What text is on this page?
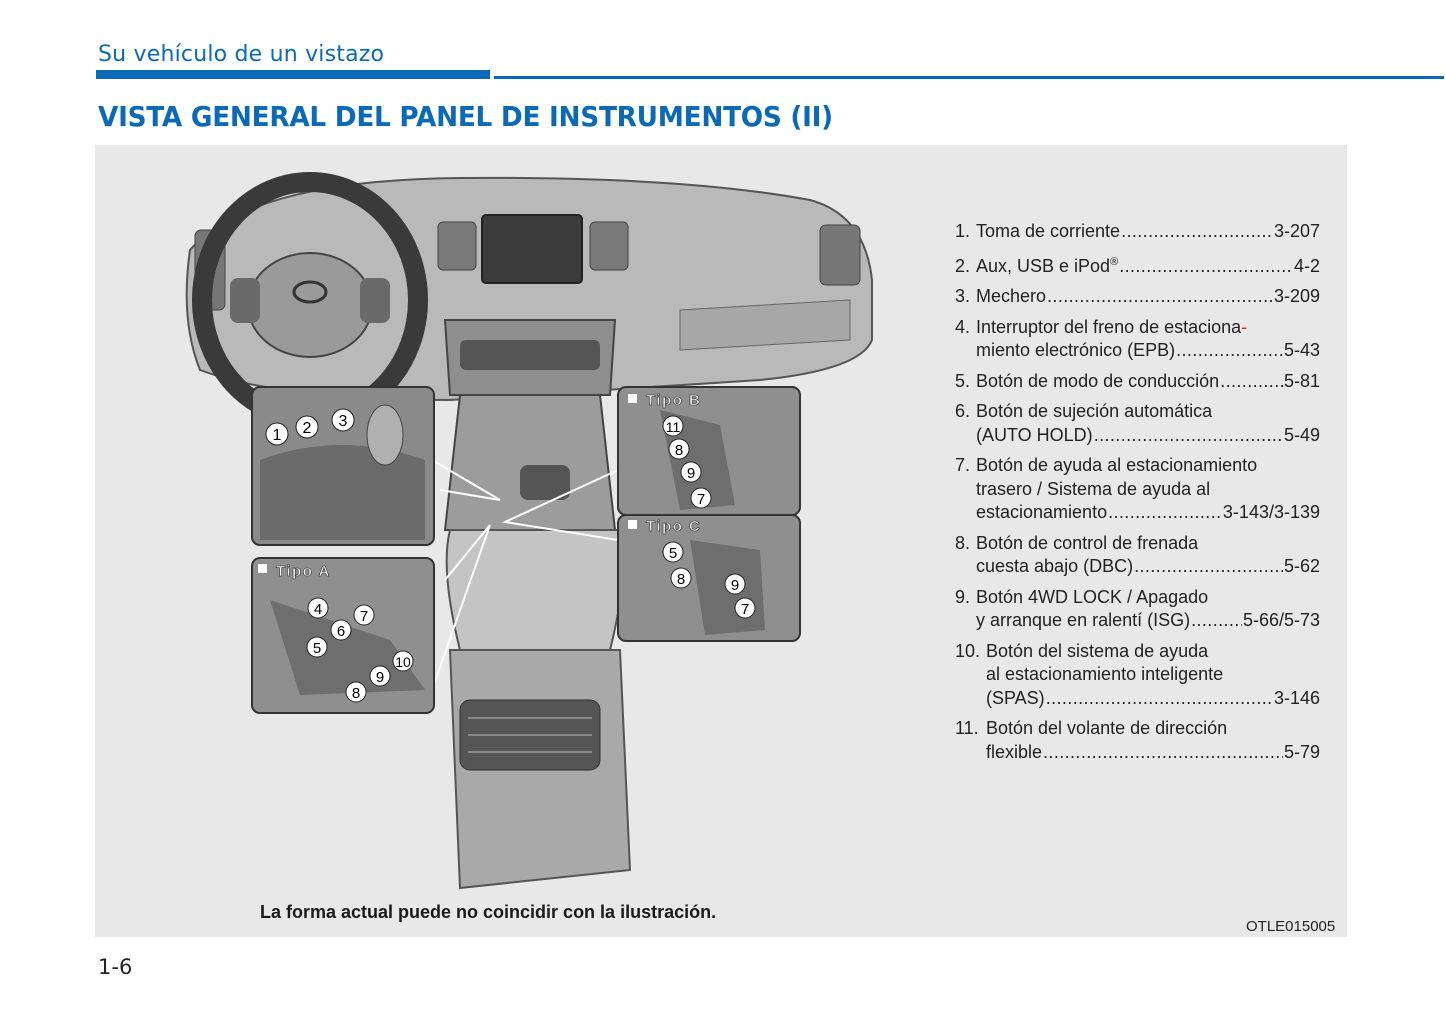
Su vehículo de un vistazo
VISTA GENERAL DEL PANEL DE INSTRUMENTOS (II)
1 2 3
Tipo A
4	7
6
5
10
9
8
Tipo B
11
8
9
7
Tipo C
5
8	9
7
1. Toma de corriente .....	3-207
2. Aux, USB e iPod® .....	4-2
3. Mechero .....	3-209
4. Interruptor del freno de estaciona-
miento electrónico (EPB) .....	5-43
5. Botón de modo de conducción .....	5-81
6. Botón de sujeción automática
(AUTO HOLD) .....	5-49
7. Botón de ayuda al estacionamiento
trasero / Sistema de ayuda al
estacionamiento .....	3-143/3-139
8. Botón de control de frenada
cuesta abajo (DBC) .....	5-62
9. Botón 4WD LOCK / Apagado
y arranque en ralentí (ISG) .....	5-66/5-73
10. Botón del sistema de ayuda
al estacionamiento inteligente
(SPAS) .....	3-146
11. Botón del volante de dirección
flexible .....	5-79

La forma actual puede no coincidir con la ilustración.

OTLE015005
1-6
